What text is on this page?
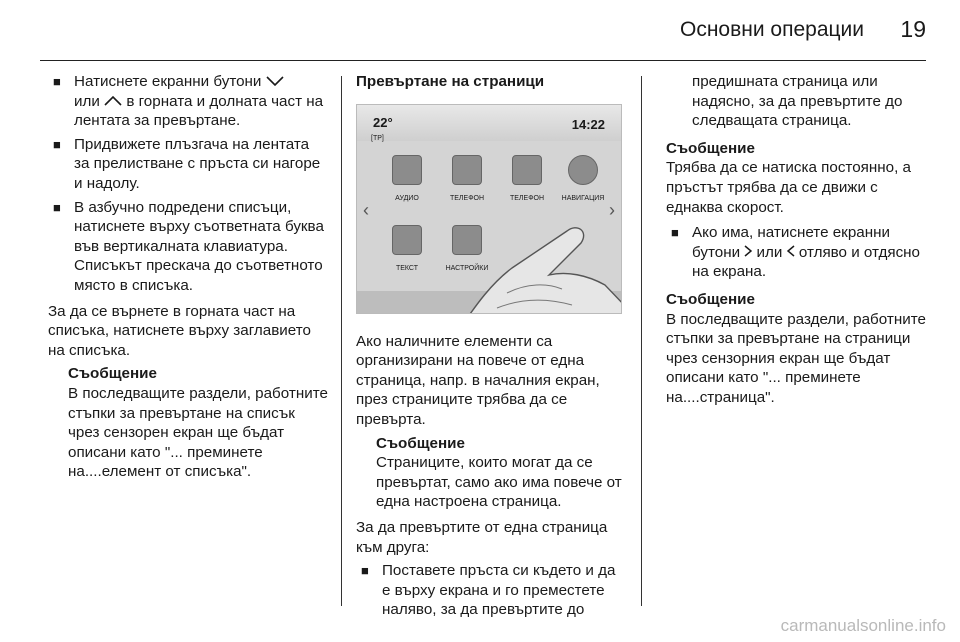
Основни операции 19
■ Натиснете екранни бутони
или в горната и долната част на лентата за превъртане.
■ Придвижете плъзгача на лентата за прелистване с пръста си нагоре и надолу.
■ В азбучно подредени списъци, натиснете върху съответната буква във вертикалната клавиатура. Списъкът прескача до съответното място в списъка.
За да се върнете в горната част на списъка, натиснете върху заглавието на списъка.
Съобщение
В последващите раздели, работните стъпки за превъртане на списък чрез сензорен екран ще бъдат описани като "... преминете на....елемент от списъка".
Превъртане на страници
22°
[TP]
14:22
‹	›
АУДИО	ТЕЛЕФОН	ТЕЛЕФОН	НАВИГАЦИЯ
ТЕКСТ	НАСТРОЙКИ
Ако наличните елементи са организирани на повече от една страница, напр. в началния екран, през страниците трябва да се превърта.
Съобщение
Страниците, които могат да се превъртат, само ако има повече от една настроена страница.
За да превъртите от една страница към друга:
■ Поставете пръста си където и да е върху екрана и го преместете наляво, за да превъртите до
предишната страница или надясно, за да превъртите до следващата страница.
Съобщение
Трябва да се натиска постоянно, а пръстът трябва да се движи с еднаква скорост.
■ Ако има, натиснете екранни бутони или отляво и отдясно на екрана.
Съобщение
В последващите раздели, работните стъпки за превъртане на страници чрез сензорния екран ще бъдат описани като "... преминете на....страница".
carmanualsonline.info
